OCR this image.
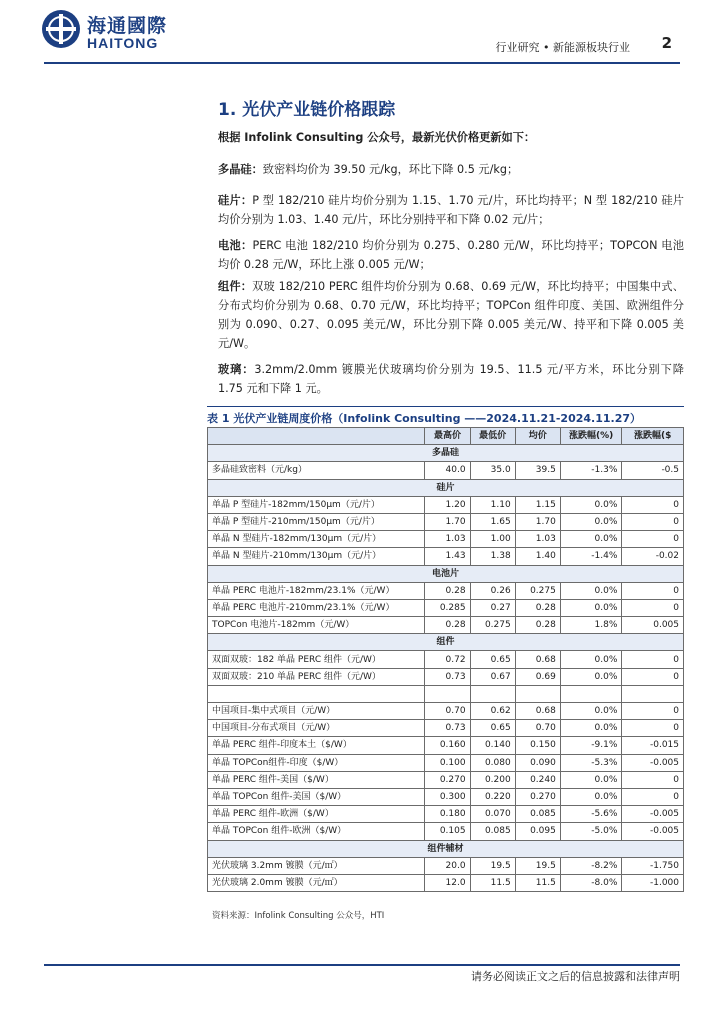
海通國際
HAITONG	行业研究 • 新能源板块行业 2
1. 光伏产业链价格跟踪
根据 Infolink Consulting 公众号，最新光伏价格更新如下：
多晶硅：致密料均价为 39.50 元/kg，环比下降 0.5 元/kg；
硅片：P 型 182/210 硅片均价分别为 1.15、1.70 元/片，环比均持平；N 型 182/210 硅片均价分别为 1.03、1.40 元/片，环比分别持平和下降 0.02 元/片；
电池：PERC 电池 182/210 均价分别为 0.275、0.280 元/W，环比均持平；TOPCON 电池均价 0.28 元/W，环比上涨 0.005 元/W；
组件：双玻 182/210 PERC 组件均价分别为 0.68、0.69 元/W，环比均持平；中国集中式、分布式均价分别为 0.68、0.70 元/W，环比均持平；TOPCon 组件印度、美国、欧洲组件分别为 0.090、0.27、0.095 美元/W，环比分别下降 0.005 美元/W、持平和下降 0.005 美元/W。
玻璃：3.2mm/2.0mm 镀膜光伏玻璃均价分别为 19.5、11.5 元/平方米，环比分别下降 1.75 元和下降 1 元。
表 1 光伏产业链周度价格（Infolink Consulting ——2024.11.21-2024.11.27）
	最高价	最低价	均价	涨跌幅(%)	涨跌幅($
多晶硅					
多晶硅致密料（元/kg）	40.0	35.0	39.5	-1.3%	-0.5
硅片					
单晶 P 型硅片-182mm/150μm（元/片）	1.20	1.10	1.15	0.0%	0
单晶 P 型硅片-210mm/150μm（元/片）	1.70	1.65	1.70	0.0%	0
单晶 N 型硅片-182mm/130μm（元/片）	1.03	1.00	1.03	0.0%	0
单晶 N 型硅片-210mm/130μm（元/片）	1.43	1.38	1.40	-1.4%	-0.02
电池片					
单晶 PERC 电池片-182mm/23.1%（元/W）	0.28	0.26	0.275	0.0%	0
单晶 PERC 电池片-210mm/23.1%（元/W）	0.285	0.27	0.28	0.0%	0
TOPCon 电池片-182mm（元/W）	0.28	0.275	0.28	1.8%	0.005
组件					
双面双玻：182 单晶 PERC 组件（元/W）	0.72	0.65	0.68	0.0%	0
双面双玻：210 单晶 PERC 组件（元/W）	0.73	0.67	0.69	0.0%	0

中国项目-集中式项目（元/W）	0.70	0.62	0.68	0.0%	0
中国项目-分布式项目（元/W）	0.73	0.65	0.70	0.0%	0
单晶 PERC 组件-印度本土（$/W）	0.160	0.140	0.150	-9.1%	-0.015
单晶 TOPCon组件-印度（$/W）	0.100	0.080	0.090	-5.3%	-0.005
单晶 PERC 组件-美国（$/W）	0.270	0.200	0.240	0.0%	0
单晶 TOPCon 组件-美国（$/W）	0.300	0.220	0.270	0.0%	0
单晶 PERC 组件-欧洲（$/W）	0.180	0.070	0.085	-5.6%	-0.005
单晶 TOPCon 组件-欧洲（$/W）	0.105	0.085	0.095	-5.0%	-0.005
组件辅材					
光伏玻璃 3.2mm 镀膜（元/㎡）	20.0	19.5	19.5	-8.2%	-1.750
光伏玻璃 2.0mm 镀膜（元/㎡）	12.0	11.5	11.5	-8.0%	-1.000
资料来源：Infolink Consulting 公众号，HTI
请务必阅读正文之后的信息披露和法律声明
